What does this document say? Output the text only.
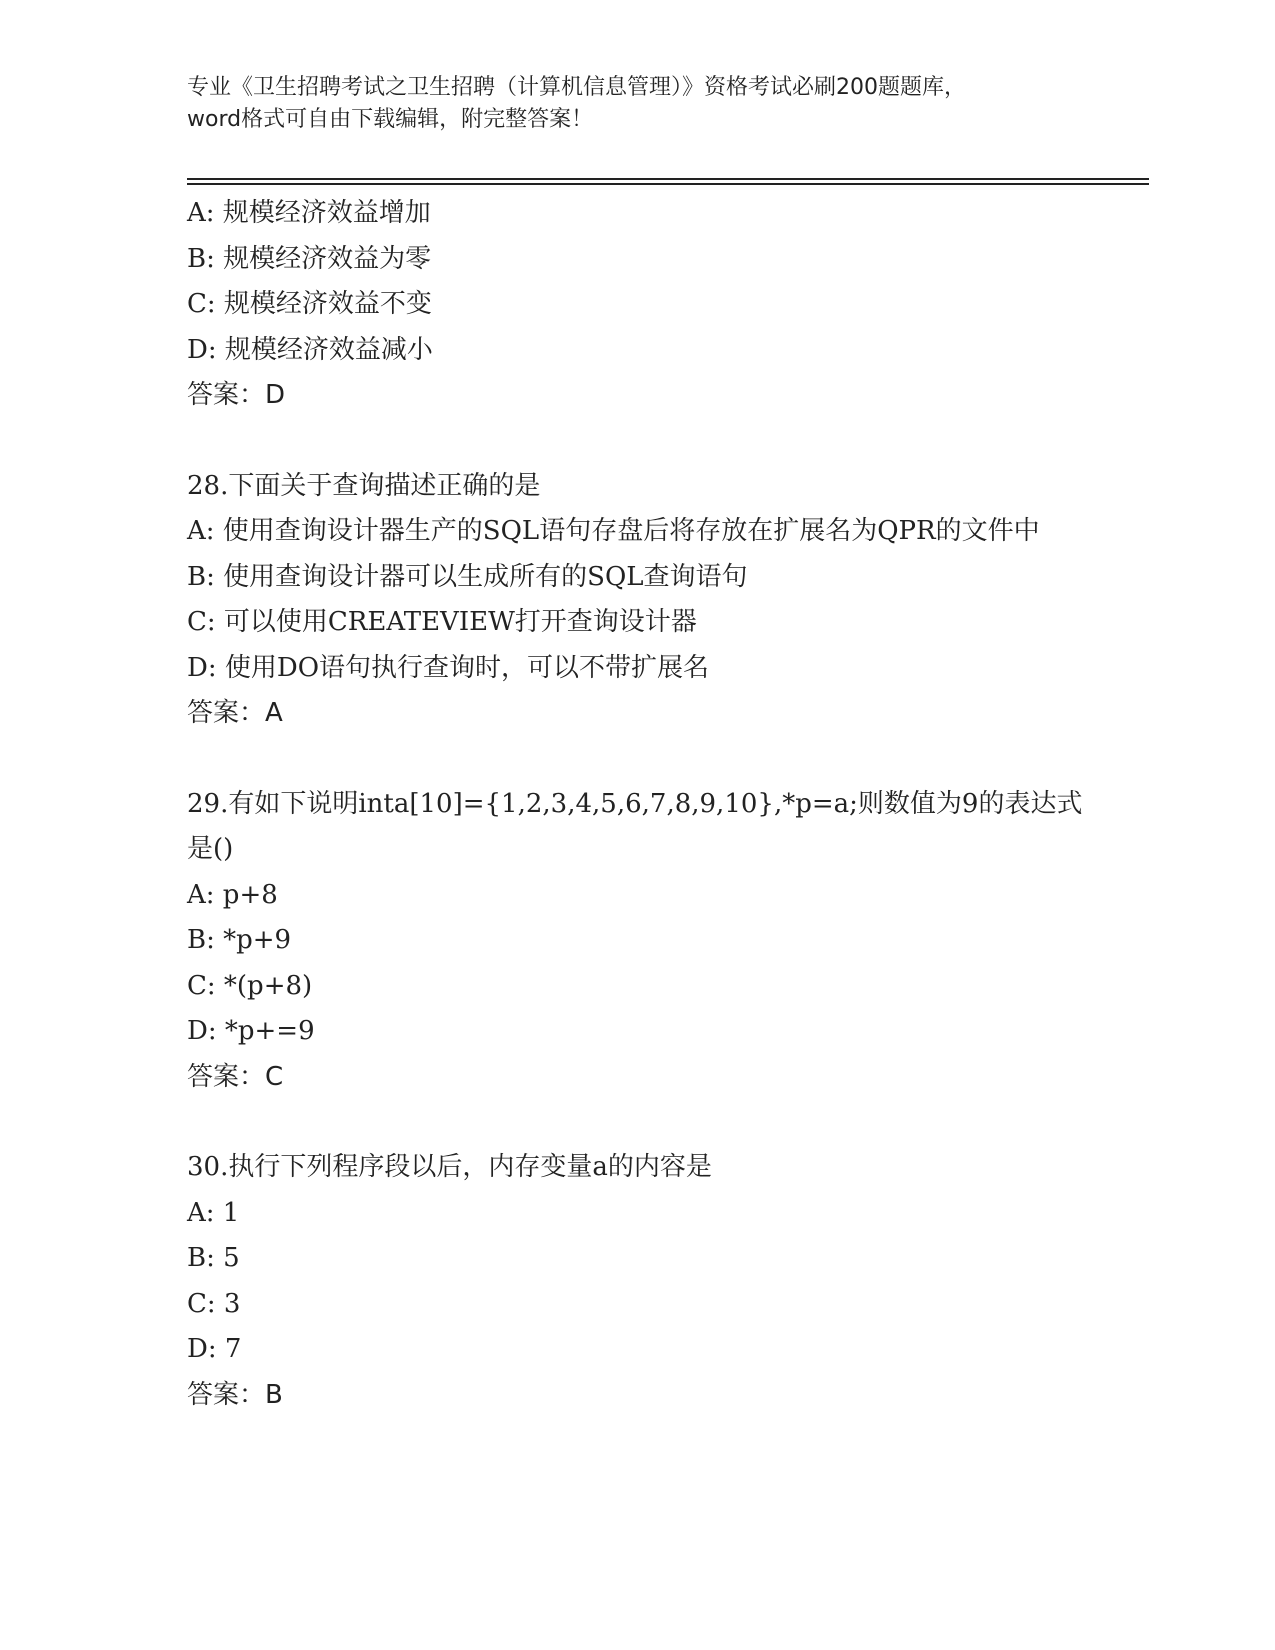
专业《卫生招聘考试之卫生招聘（计算机信息管理）》资格考试必刷200题题库，
word格式可自由下载编辑，附完整答案！
A: 规模经济效益增加
B: 规模经济效益为零
C: 规模经济效益不变
D: 规模经济效益减小
答案：D
28.下面关于查询描述正确的是
A: 使用查询设计器生产的SQL语句存盘后将存放在扩展名为QPR的文件中
B: 使用查询设计器可以生成所有的SQL查询语句
C: 可以使用CREATEVIEW打开查询设计器
D: 使用DO语句执行查询时，可以不带扩展名
答案：A
29.有如下说明inta[10]={1,2,3,4,5,6,7,8,9,10},*p=a;则数值为9的表达式是()
A: p+8
B: *p+9
C: *(p+8)
D: *p+=9
答案：C
30.执行下列程序段以后，内存变量a的内容是
A: 1
B: 5
C: 3
D: 7
答案：B
